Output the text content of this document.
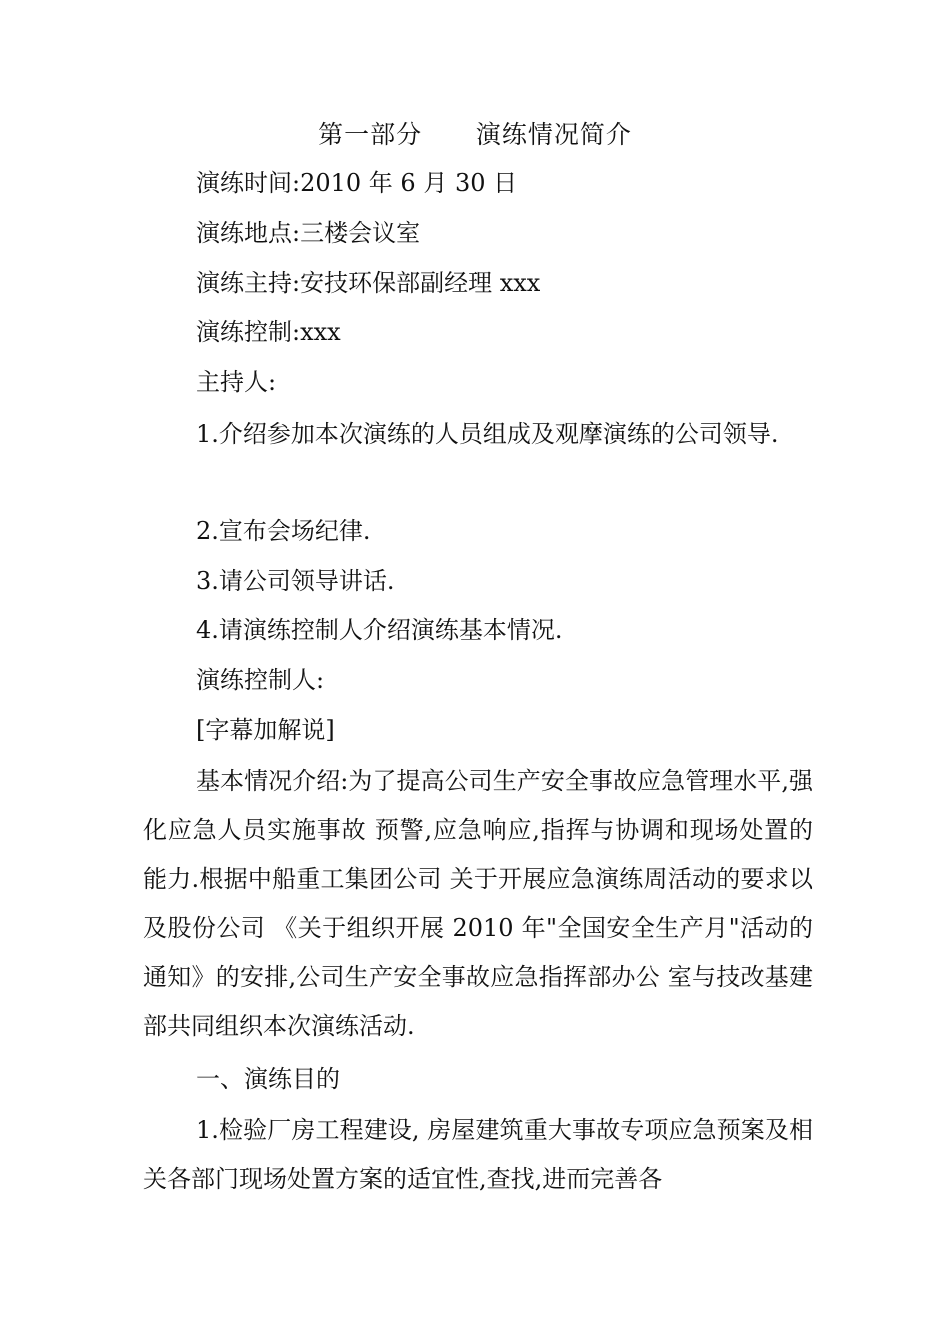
第一部分      演练情况简介
演练时间:2010 年 6 月 30 日
演练地点:三楼会议室
演练主持:安技环保部副经理 xxx
演练控制:xxx
主持人:

1.介绍参加本次演练的人员组成及观摩演练的公司领导.

2.宣布会场纪律.
3.请公司领导讲话.
4.请演练控制人介绍演练基本情况.
演练控制人:
[字幕加解说]

基本情况介绍:为了提高公司生产安全事故应急管理水平,强化应急人员实施事故 预警,应急响应,指挥与协调和现场处置的能力.根据中船重工集团公司 关于开展应急演练周活动的要求以及股份公司 《关于组织开展 2010 年"全国安全生产月"活动的通知》的安排,公司生产安全事故应急指挥部办公 室与技改基建部共同组织本次演练活动.

一、演练目的

1.检验厂房工程建设, 房屋建筑重大事故专项应急预案及相 关各部门现场处置方案的适宜性,查找,进而完善各
